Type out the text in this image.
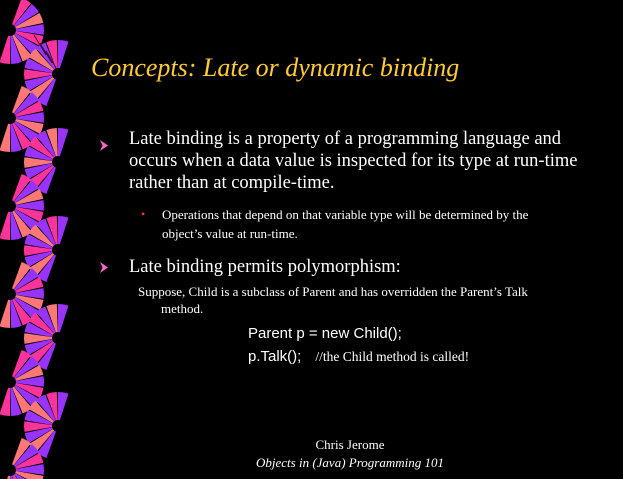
Concepts: Late or dynamic binding
Late binding is a property of a programming language and
occurs when a data value is inspected for its type at run-time
rather than at compile-time.
• Operations that depend on that variable type will be determined by the
object’s value at run-time.
Late binding permits polymorphism:
Suppose, Child is a subclass of Parent and has overridden the Parent’s Talk
method.
Parent p = new Child();
p.Talk(); //the Child method is called!
Chris Jerome
Objects in (Java) Programming 101
